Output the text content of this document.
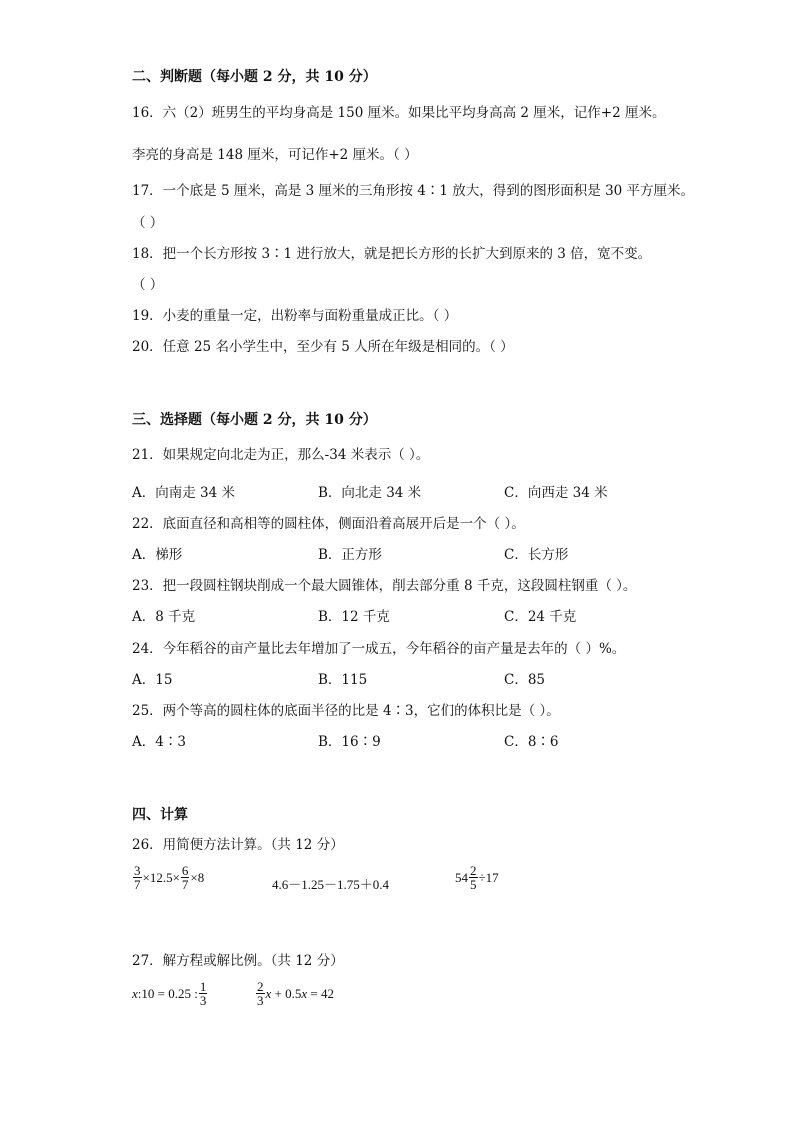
二、判断题（每小题 2 分，共 10 分）
16．六（2）班男生的平均身高是 150 厘米。如果比平均身高高 2 厘米，记作+2 厘米。
李亮的身高是 148 厘米，可记作+2 厘米。（ ）
17．一个底是 5 厘米，高是 3 厘米的三角形按 4∶1 放大，得到的图形面积是 30 平方厘米。
（ ）
18．把一个长方形按 3∶1 进行放大，就是把长方形的长扩大到原来的 3 倍，宽不变。
（ ）
19．小麦的重量一定，出粉率与面粉重量成正比。（ ）
20．任意 25 名小学生中，至少有 5 人所在年级是相同的。（ ）
三、选择题（每小题 2 分，共 10 分）
21．如果规定向北走为正，那么-34 米表示（ ）。
A．向南走 34 米	B．向北走 34 米	C．向西走 34 米
22．底面直径和高相等的圆柱体，侧面沿着高展开后是一个（ ）。
A．梯形	B．正方形	C．长方形
23．把一段圆柱钢块削成一个最大圆锥体，削去部分重 8 千克，这段圆柱钢重（ ）。
A．8 千克	B．12 千克	C．24 千克
24．今年稻谷的亩产量比去年增加了一成五，今年稻谷的亩产量是去年的（ ）%。
A．15	B．115	C．85
25．两个等高的圆柱体的底面半径的比是 4∶3，它们的体积比是（ ）。
A．4∶3	B．16∶9	C．8∶6
四、计算
26．用简便方法计算。（共 12 分）
$\frac{3}{7} \times 12.5\times \frac{6}{7} \times 8$	4.6－1.25－1.75＋0.4	$54 \frac{2}{5} \div 17$
27．解方程或解比例。（共 12 分）
x :10 = 0.25 : $\frac{1}{3}$	$\frac{2}{3}$ x + 0.5 x = 42
